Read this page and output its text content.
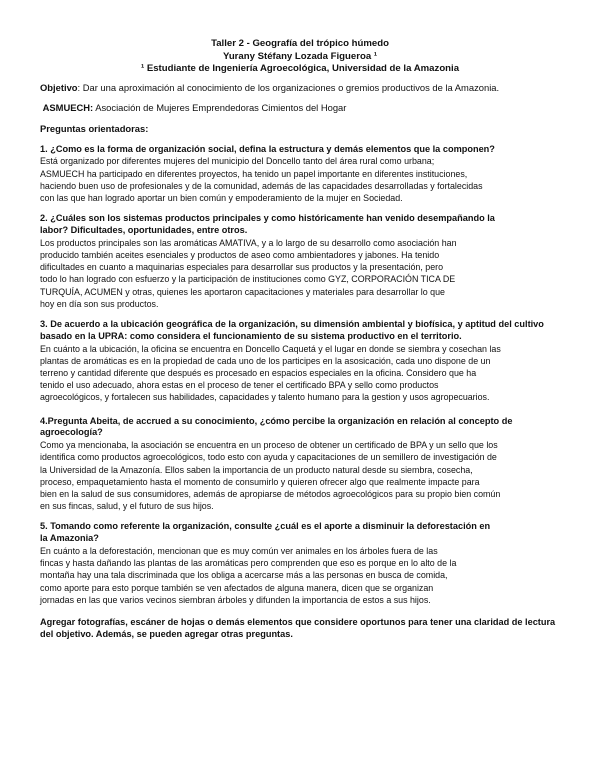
Taller 2 - Geografía del trópico húmedo
Yurany Stéfany Lozada Figueroa ¹
¹ Estudiante de Ingeniería Agroecológica, Universidad de la Amazonia
Objetivo: Dar una aproximación al conocimiento de los organizaciones o gremios productivos de la Amazonia.
ASMUECH: Asociación de Mujeres Emprendedoras Cimientos del Hogar
Preguntas orientadoras:
1. ¿Como es la forma de organización social, defina la estructura y demás elementos que la componen?
Está organizado por diferentes mujeres del municipio del Doncello tanto del área rural como urbana;
ASMUECH ha participado en diferentes proyectos, ha tenido un papel importante en diferentes instituciones,
haciendo buen uso de profesionales y de la comunidad, además de las capacidades desarrolladas y fortalecidas
con las que han logrado aportar un bien común y empoderamiento de la mujer en Sociedad.
2. ¿Cuáles son los sistemas productos principales y como históricamente han venido desempañando la
labor? Dificultades, oportunidades, entre otros.
Los productos principales son las aromáticas AMATIVA, y a lo largo de su desarrollo como asociación han
producido también aceites esenciales y productos de aseo como ambientadores y jabones. Ha tenido
dificultades en cuanto a maquinarias especiales para desarrollar sus productos y la presentación, pero
todo lo han logrado con esfuerzo y la participación de instituciones como GYZ, CORPORACIÓN TICA DE
TURQUÍA, ACUMEN y otras, quienes les aportaron capacitaciones y materiales para desarrollar lo que
hoy en día son sus productos.
3. De acuerdo a la ubicación geográfica de la organización, su dimensión ambiental y biofísica, y aptitud del cultivo
basado en la UPRA: como considera el funcionamiento de su sistema productivo en el territorio.
En cuánto a la ubicación, la oficina se encuentra en Doncello Caquetá y el lugar en donde se siembra y cosechan las
plantas de aromáticas es en la propiedad de cada uno de los participes en la asosicación, cada uno dispone de un
terreno y cantidad diferente que después es procesado en espacios especiales en la oficina. Considero que ha
tenido el uso adecuado, ahora estas en el proceso de tener el certificado BPA y sello como productos
agroecológicos, y fortalecen sus habilidades, capacidades y talento humano para la gestion y usos agropecuarios.
4.Pregunta Abeita, de accrued a su conocimiento, ¿cómo percibe la organización en relación al concepto de
agroecología?
Como ya mencionaba, la asociación se encuentra en un proceso de obtener un certificado de BPA y un sello que los
identifica como productos agroecológicos, todo esto con ayuda y capacitaciones de un semillero de investigación de
la Universidad de la Amazonía. Ellos saben la importancia de un producto natural desde su siembra, cosecha,
proceso, empaquetamiento hasta el momento de consumirlo y quieren ofrecer algo que realmente impacte para
bien en la salud de sus consumidores, además de apropiarse de métodos agroecológicos para su propio bien común
en sus fincas, salud, y el futuro de sus hijos.
5. Tomando como referente la organización, consulte ¿cuál es el aporte a disminuir la deforestación en
la Amazonia?
En cuánto a la deforestación, mencionan que es muy común ver animales en los árboles fuera de las
fincas y hasta dañando las plantas de las aromáticas pero comprenden que eso es porque en lo alto de la
montaña hay una tala discriminada que los obliga a acercarse más a las personas en busca de comida,
como aporte para esto porque también se ven afectados de alguna manera, dicen que se organizan
jornadas en las que varios vecinos siembran árboles y difunden la importancia de estos a sus hijos.
Agregar fotografías, escáner de hojas o demás elementos que considere oportunos para tener una claridad de lectura
del objetivo. Además, se pueden agregar otras preguntas.
